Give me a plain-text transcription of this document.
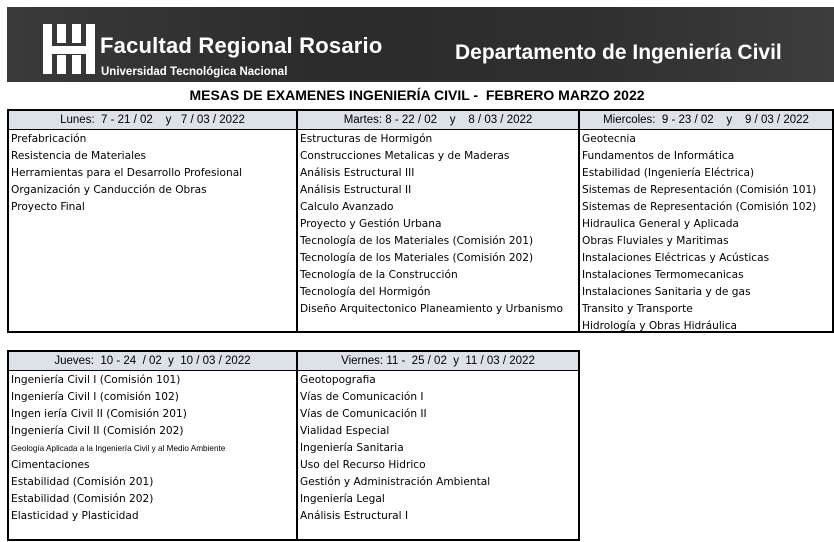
Facultad Regional Rosario
Universidad Tecnológica Nacional
Departamento de Ingeniería Civil
MESAS DE EXAMENES INGENIERÍA CIVIL -  FEBRERO MARZO 2022
Lunes:  7 - 21 / 02    y   7 / 03 / 2022
Prefabricación
Resistencia de Materiales
Herramientas para el Desarrollo Profesional
Organización y Canducción de Obras
Proyecto Final
Martes: 8 - 22 / 02    y    8 / 03 / 2022
Estructuras de Hormigón
Construcciones Metalicas y de Maderas
Análisis Estructural III
Análisis Estructural II
Calculo Avanzado
Proyecto y Gestión Urbana
Tecnología de los Materiales (Comisión 201)
Tecnología de los Materiales (Comisión 202)
Tecnología de la Construcción
Tecnología del Hormigón
Diseño Arquitectonico Planeamiento y Urbanismo
Miercoles:  9 - 23 / 02    y    9 / 03 / 2022
Geotecnia
Fundamentos de Informática
Estabilidad (Ingeniería Eléctrica)
Sistemas de Representación (Comisión 101)
Sistemas de Representación (Comisión 102)
Hidraulica General y Aplicada
Obras Fluviales y Maritimas
Instalaciones Eléctricas y Acústicas
Instalaciones Termomecanicas
Instalaciones Sanitaria y de gas
Transito y Transporte
Hidrología y Obras Hidráulica
Jueves:  10 - 24  / 02  y  10 / 03 / 2022
Ingeniería Civil I (Comisión 101)
Ingeniería Civil I (comisión 102)
Ingen iería Civil II (Comisión 201)
Ingeniería Civil II (Comisión 202)
Geología Aplicada a la Ingeniería Civil y al Medio Ambiente
Cimentaciones
Estabilidad (Comisión 201)
Estabilidad (Comisión 202)
Elasticidad y Plasticidad
Viernes: 11 -  25 / 02  y  11 / 03 / 2022
Geotopografia
Vías de Comunicación I
Vías de Comunicación II
Vialidad Especial
Ingeniería Sanitaria
Uso del Recurso Hidrico
Gestión y Administración Ambiental
Ingeniería Legal
Análisis Estructural I
